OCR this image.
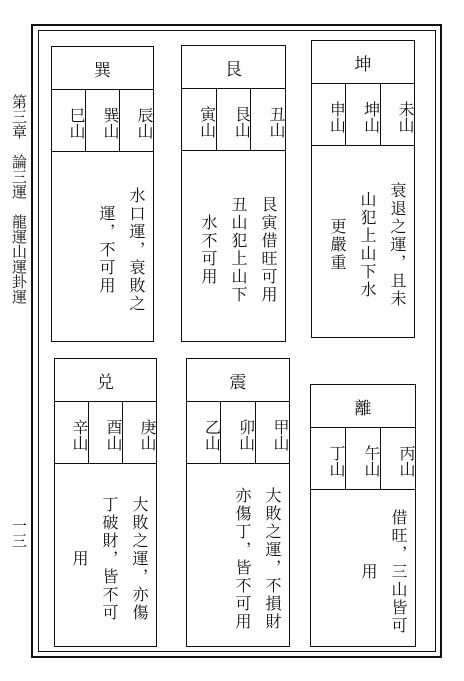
第三章　論三運　龍運山運卦運
一三
巽
辰山
巽山
巳山
水口運，衰敗之
運，不可用
艮
丑山
艮山
寅山
艮寅借旺可用
丑山犯上山下
水不可用
坤
未山
坤山
申山
衰退之運，且未
山犯上山下水
更嚴重
兑
庚山
酉山
辛山
大敗之運，亦傷
丁破財，皆不可
用
震
甲山
卯山
乙山
大敗之運，不損財
亦傷丁，皆不可用
離
丙山
午山
丁山
借旺，三山皆可
用
